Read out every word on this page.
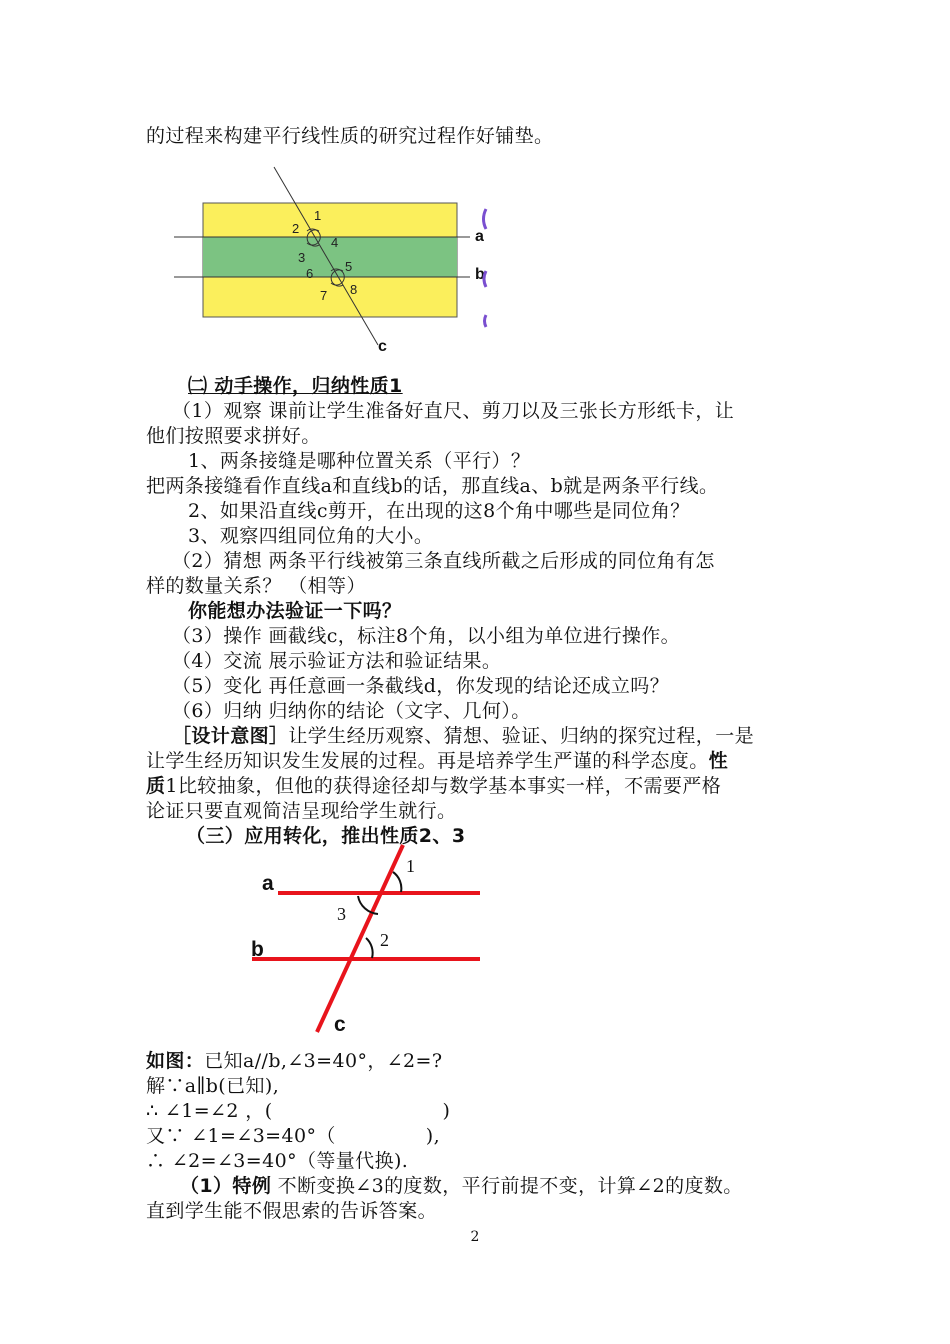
的过程来构建平行线性质的研究过程作好铺垫。
1
2
3
4
5
6
7 8
a
b
c
㈡ 动手操作，归纳性质1
（1）观察 课前让学生准备好直尺、剪刀以及三张长方形纸卡，让
他们按照要求拼好。
1、两条接缝是哪种位置关系（平行）？
把两条接缝看作直线a和直线b的话，那直线a、b就是两条平行线。
2、如果沿直线c剪开，在出现的这8个角中哪些是同位角？
3、观察四组同位角的大小。
（2）猜想 两条平行线被第三条直线所截之后形成的同位角有怎
样的数量关系？ （相等）
你能想办法验证一下吗？
（3）操作 画截线c，标注8个角，以小组为单位进行操作。
（4）交流 展示验证方法和验证结果。
（5）变化 再任意画一条截线d，你发现的结论还成立吗？
（6）归纳 归纳你的结论（文字、几何）。
［设计意图］让学生经历观察、猜想、验证、归纳的探究过程，一是
让学生经历知识发生发展的过程。再是培养学生严谨的科学态度。性
质1比较抽象，但他的获得途径却与数学基本事实一样，不需要严格
论证只要直观简洁呈现给学生就行。
（三）应用转化，推出性质2、3
1
3
2
a
b
c
如图：已知a//b,∠3=40°，∠2=?
解∵a∥b(已知),
∴ ∠1=∠2 ，(	)
又∵ ∠1=∠3=40°（	),
∴ ∠2=∠3=40°（等量代换).
（1）特例 不断变换∠3的度数，平行前提不变，计算∠2的度数。
直到学生能不假思索的告诉答案。
2
